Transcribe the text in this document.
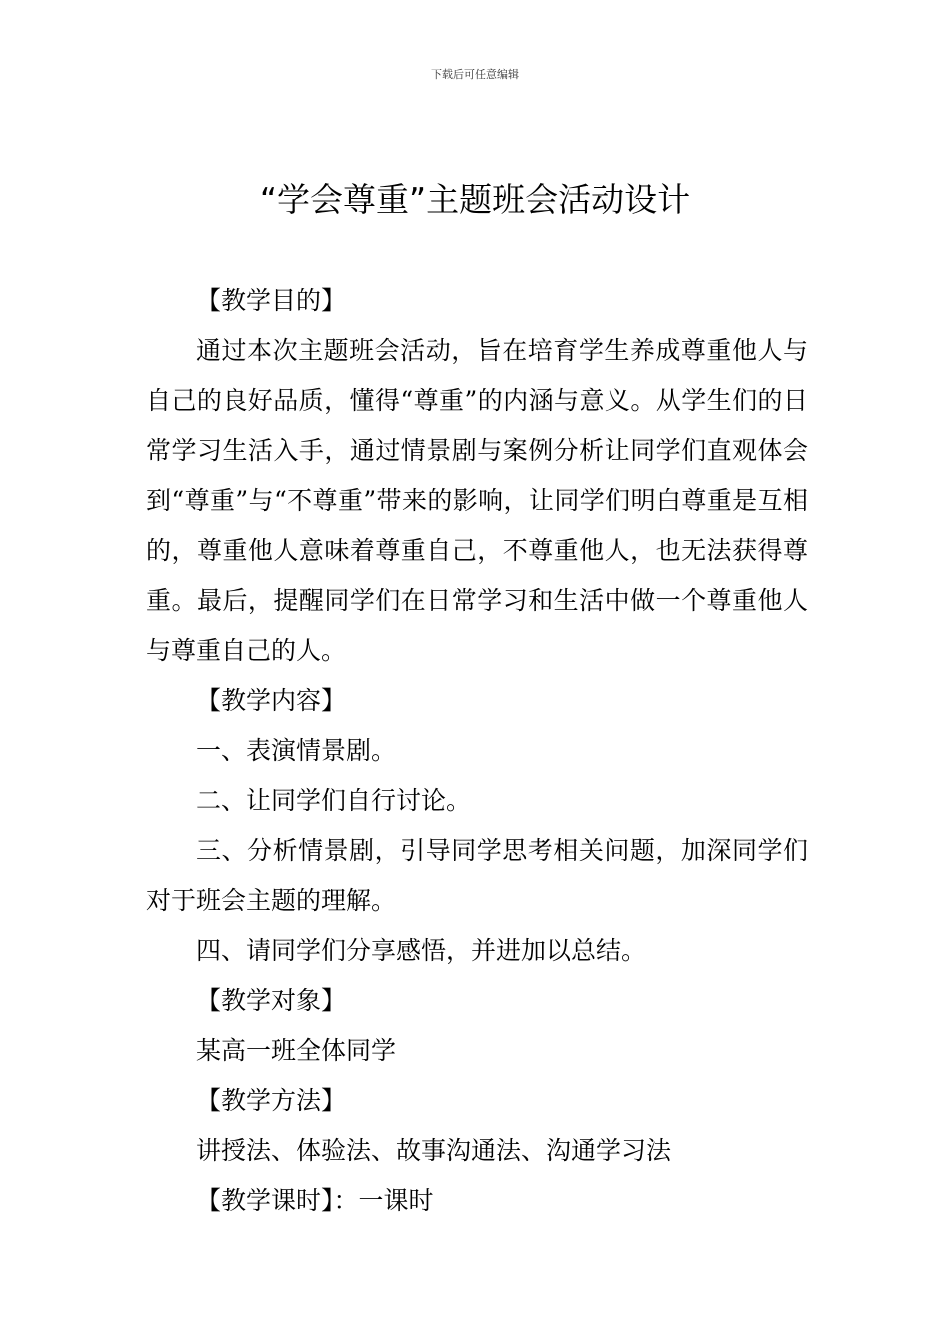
下载后可任意编辑
“学会尊重”主题班会活动设计

【教学目的】

通过本次主题班会活动，旨在培育学生养成尊重他人与自己的良好品质，懂得“尊重”的内涵与意义。从学生们的日常学习生活入手，通过情景剧与案例分析让同学们直观体会到“尊重”与“不尊重”带来的影响，让同学们明白尊重是互相的，尊重他人意味着尊重自己，不尊重他人，也无法获得尊重。最后，提醒同学们在日常学习和生活中做一个尊重他人与尊重自己的人。

【教学内容】

一、表演情景剧。

二、让同学们自行讨论。

三、分析情景剧，引导同学思考相关问题，加深同学们对于班会主题的理解。

四、请同学们分享感悟，并进加以总结。

【教学对象】

某高一班全体同学

【教学方法】

讲授法、体验法、故事沟通法、沟通学习法

【教学课时】：一课时
